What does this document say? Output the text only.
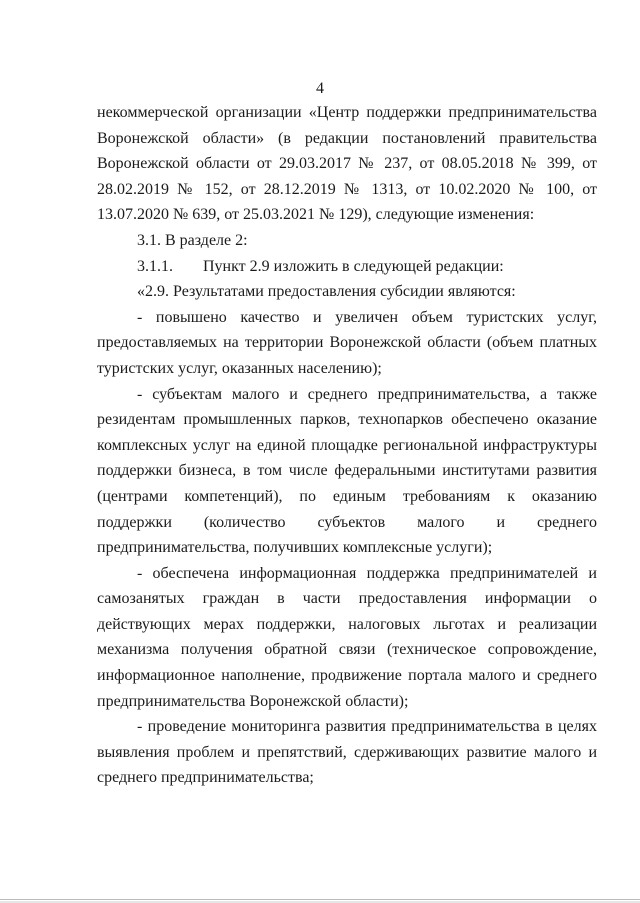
4

некоммерческой организации «Центр поддержки предпринимательства Воронежской области» (в редакции постановлений правительства Воронежской области от 29.03.2017 № 237, от 08.05.2018 № 399, от 28.02.2019 № 152, от 28.12.2019 № 1313, от 10.02.2020 № 100, от 13.07.2020 № 639, от 25.03.2021 № 129), следующие изменения:

3.1. В разделе 2:

3.1.1. Пункт 2.9 изложить в следующей редакции:

«2.9. Результатами предоставления субсидии являются:

- повышено качество и увеличен объем туристских услуг, предоставляемых на территории Воронежской области (объем платных туристских услуг, оказанных населению);

- субъектам малого и среднего предпринимательства, а также резидентам промышленных парков, технопарков обеспечено оказание комплексных услуг на единой площадке региональной инфраструктуры поддержки бизнеса, в том числе федеральными институтами развития (центрами компетенций), по единым требованиям к оказанию поддержки (количество субъектов малого и среднего предпринимательства, получивших комплексные услуги);

- обеспечена информационная поддержка предпринимателей и самозанятых граждан в части предоставления информации о действующих мерах поддержки, налоговых льготах и реализации механизма получения обратной связи (техническое сопровождение, информационное наполнение, продвижение портала малого и среднего предпринимательства Воронежской области);

- проведение мониторинга развития предпринимательства в целях выявления проблем и препятствий, сдерживающих развитие малого и среднего предпринимательства;
